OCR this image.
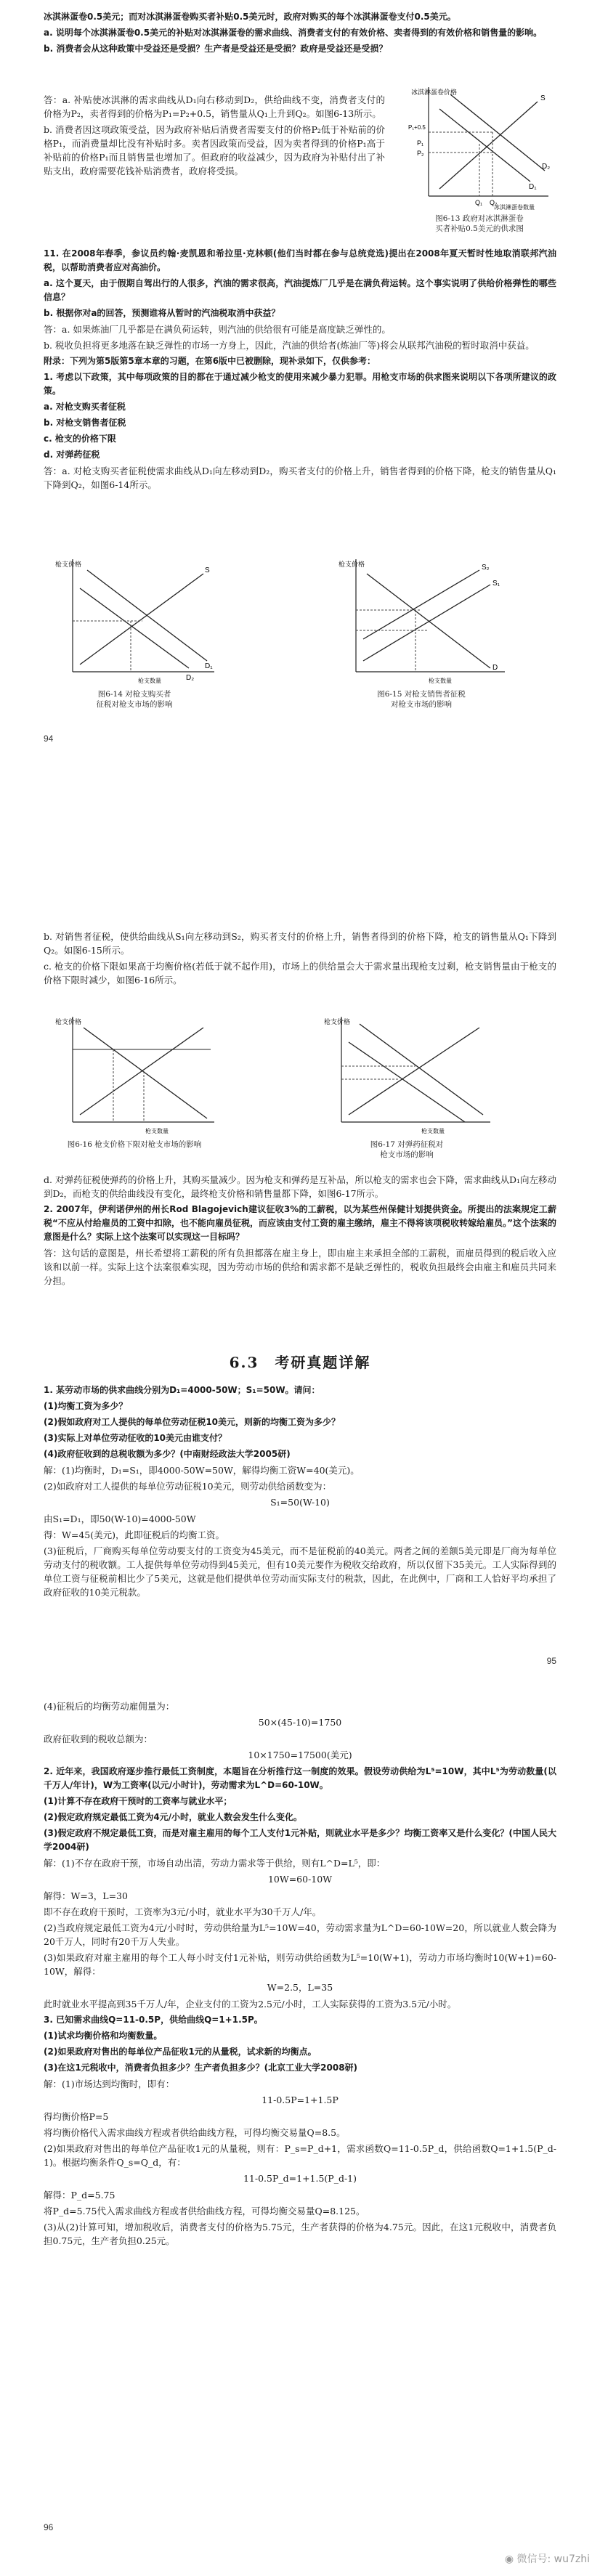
冰淇淋蛋卷0.5美元；而对冰淇淋蛋卷购买者补贴0.5美元时，政府对购买的每个冰淇淋蛋卷支付0.5美元。

a. 说明每个冰淇淋蛋卷0.5美元的补贴对冰淇淋蛋卷的需求曲线、消费者支付的有效价格、卖者得到的有效价格和销售量的影响。

b. 消费者会从这种政策中受益还是受损？生产者是受益还是受损？政府是受益还是受损？

答：a. 补贴使冰淇淋的需求曲线从D₁向右移动到D₂，供给曲线不变，消费者支付的价格为P₂，卖者得到的价格为P₁=P₂+0.5，销售量从Q₁上升到Q₂。如图6-13所示。

b. 消费者因这项政策受益，因为政府补贴后消费者需要支付的价格P₂低于补贴前的价格P₁，而消费量却比没有补贴时多。卖者因政策而受益，因为卖者得到的价格P₁高于补贴前的价格P₁而且销售量也增加了。但政府的收益减少，因为政府为补贴付出了补贴支出，政府需要花钱补贴消费者，政府将受损。

冰淇淋蛋卷价格
S
D₁
D₂
P₁+0.5
P₁
P₂
Q₁ Q₂
冰淇淋蛋卷数量
图6-13 政府对冰淇淋蛋卷
买者补贴0.5美元的供求图

11. 在2008年春季，参议员约翰·麦凯恩和希拉里·克林顿(他们当时都在参与总统竞选)提出在2008年夏天暂时性地取消联邦汽油税，以帮助消费者应对高油价。

a. 这个夏天，由于假期自驾出行的人很多，汽油的需求很高，汽油提炼厂几乎是在满负荷运转。这个事实说明了供给价格弹性的哪些信息？

b. 根据你对a的回答，预测谁将从暂时的汽油税取消中获益？

答：a. 如果炼油厂几乎都是在满负荷运转，则汽油的供给很有可能是高度缺乏弹性的。

b. 税收负担将更多地落在缺乏弹性的市场一方身上，因此，汽油的供给者(炼油厂等)将会从联邦汽油税的暂时取消中获益。

附录：下列为第5版第5章本章的习题，在第6版中已被删除，现补录如下，仅供参考：

1. 考虑以下政策，其中每项政策的目的都在于通过减少枪支的使用来减少暴力犯罪。用枪支市场的供求图来说明以下各项所建议的政策。

a. 对枪支购买者征税

b. 对枪支销售者征税

c. 枪支的价格下限

d. 对弹药征税

答：a. 对枪支购买者征税使需求曲线从D₁向左移动到D₂，购买者支付的价格上升，销售者得到的价格下降，枪支的销售量从Q₁下降到Q₂，如图6-14所示。

枪支价格
S
D₁
D₂
枪支数量
图6-14 对枪支购买者
征税对枪支市场的影响
枪支价格	S₂
S₁
D
枪支数量
图6-15 对枪支销售者征税
对枪支市场的影响
94

b. 对销售者征税，使供给曲线从S₁向左移动到S₂，购买者支付的价格上升，销售者得到的价格下降，枪支的销售量从Q₁下降到Q₂。如图6-15所示。

c. 枪支的价格下限如果高于均衡价格(若低于就不起作用)，市场上的供给量会大于需求量出现枪支过剩，枪支销售量由于枪支的价格下限时减少，如图6-16所示。

枪支价格
枪支数量
图6-16 枪支价格下限对枪支市场的影响
枪支价格
枪支数量
图6-17 对弹药征税对
枪支市场的影响

d. 对弹药征税使弹药的价格上升，其购买量减少。因为枪支和弹药是互补品，所以枪支的需求也会下降，需求曲线从D₁向左移动到D₂，而枪支的供给曲线没有变化，最终枪支价格和销售量都下降，如图6-17所示。

2. 2007年，伊利诺伊州的州长Rod Blagojevich建议征收3%的工薪税，以为某些州保健计划提供资金。所提出的法案规定工薪税“不应从付给雇员的工资中扣除，也不能向雇员征税，而应该由支付工资的雇主缴纳，雇主不得将该项税收转嫁给雇员。”这个法案的意图是什么？实际上这个法案可以实现这一目标吗？

答：这句话的意图是，州长希望将工薪税的所有负担都落在雇主身上，即由雇主来承担全部的工薪税，而雇员得到的税后收入应该和以前一样。实际上这个法案很难实现，因为劳动市场的供给和需求都不是缺乏弹性的，税收负担最终会由雇主和雇员共同来分担。

6.3　考研真题详解

1. 某劳动市场的供求曲线分别为D₁=4000-50W；S₁=50W。请问：

(1)均衡工资为多少？

(2)假如政府对工人提供的每单位劳动征税10美元，则新的均衡工资为多少？

(3)实际上对单位劳动征收的10美元由谁支付？

(4)政府征收到的总税收额为多少？(中南财经政法大学2005研)

解：(1)均衡时，D₁=S₁，即4000-50W=50W，解得均衡工资W=40(美元)。

(2)如政府对工人提供的每单位劳动征税10美元，则劳动供给函数变为：

S₁=50(W-10)

由S₁=D₁，即50(W-10)=4000-50W

得：W=45(美元)，此即征税后的均衡工资。

(3)征税后，厂商购买每单位劳动要支付的工资变为45美元，而不是征税前的40美元。两者之间的差额5美元即是厂商为每单位劳动支付的税收额。工人提供每单位劳动得到45美元，但有10美元要作为税收交给政府，所以仅留下35美元。工人实际得到的单位工资与征税前相比少了5美元，这就是他们提供单位劳动而实际支付的税款，因此，在此例中，厂商和工人恰好平均承担了政府征收的10美元税款。

95

(4)征税后的均衡劳动雇佣量为：

50×(45-10)=1750

政府征收到的税收总额为：

10×1750=17500(美元)

2. 近年来，我国政府逐步推行最低工资制度，本题旨在分析推行这一制度的效果。假设劳动供给为L⁵=10W，其中L⁵为劳动数量(以千万人/年计)，W为工资率(以元/小时计)，劳动需求为L^D=60-10W。

(1)计算不存在政府干预时的工资率与就业水平；

(2)假定政府规定最低工资为4元/小时，就业人数会发生什么变化。

(3)假定政府不规定最低工资，而是对雇主雇用的每个工人支付1元补贴，则就业水平是多少？均衡工资率又是什么变化？(中国人民大学2004研)

解：(1)不存在政府干预，市场自动出清，劳动力需求等于供给，则有L^D=L⁵，即：

10W=60-10W

解得：W=3，L=30

即不存在政府干预时，工资率为3元/小时，就业水平为30千万人/年。

(2)当政府规定最低工资为4元/小时时，劳动供给量为L⁵=10W=40，劳动需求量为L^D=60-10W=20，所以就业人数会降为20千万人，同时有20千万人失业。

(3)如果政府对雇主雇用的每个工人每小时支付1元补贴，则劳动供给函数为L⁵=10(W+1)，劳动力市场均衡时10(W+1)=60-10W，解得：

W=2.5，L=35

此时就业水平提高到35千万人/年，企业支付的工资为2.5元/小时，工人实际获得的工资为3.5元/小时。

3. 已知需求曲线Q=11-0.5P，供给曲线Q=1+1.5P。

(1)试求均衡价格和均衡数量。

(2)如果政府对售出的每单位产品征收1元的从量税，试求新的均衡点。

(3)在这1元税收中，消费者负担多少？生产者负担多少？(北京工业大学2008研)

解：(1)市场达到均衡时，即有：

11-0.5P=1+1.5P

得均衡价格P=5

将均衡价格代入需求曲线方程或者供给曲线方程，可得均衡交易量Q=8.5。

(2)如果政府对售出的每单位产品征收1元的从量税，则有：P_s=P_d+1，需求函数Q=11-0.5P_d，供给函数Q=1+1.5(P_d-1)。根据均衡条件Q_s=Q_d，有：

11-0.5P_d=1+1.5(P_d-1)

解得：P_d=5.75

将P_d=5.75代入需求曲线方程或者供给曲线方程，可得均衡交易量Q=8.125。

(3)从(2)计算可知，增加税收后，消费者支付的价格为5.75元，生产者获得的价格为4.75元。因此，在这1元税收中，消费者负担0.75元，生产者负担0.25元。

96
◉ 微信号: wu7zhi
